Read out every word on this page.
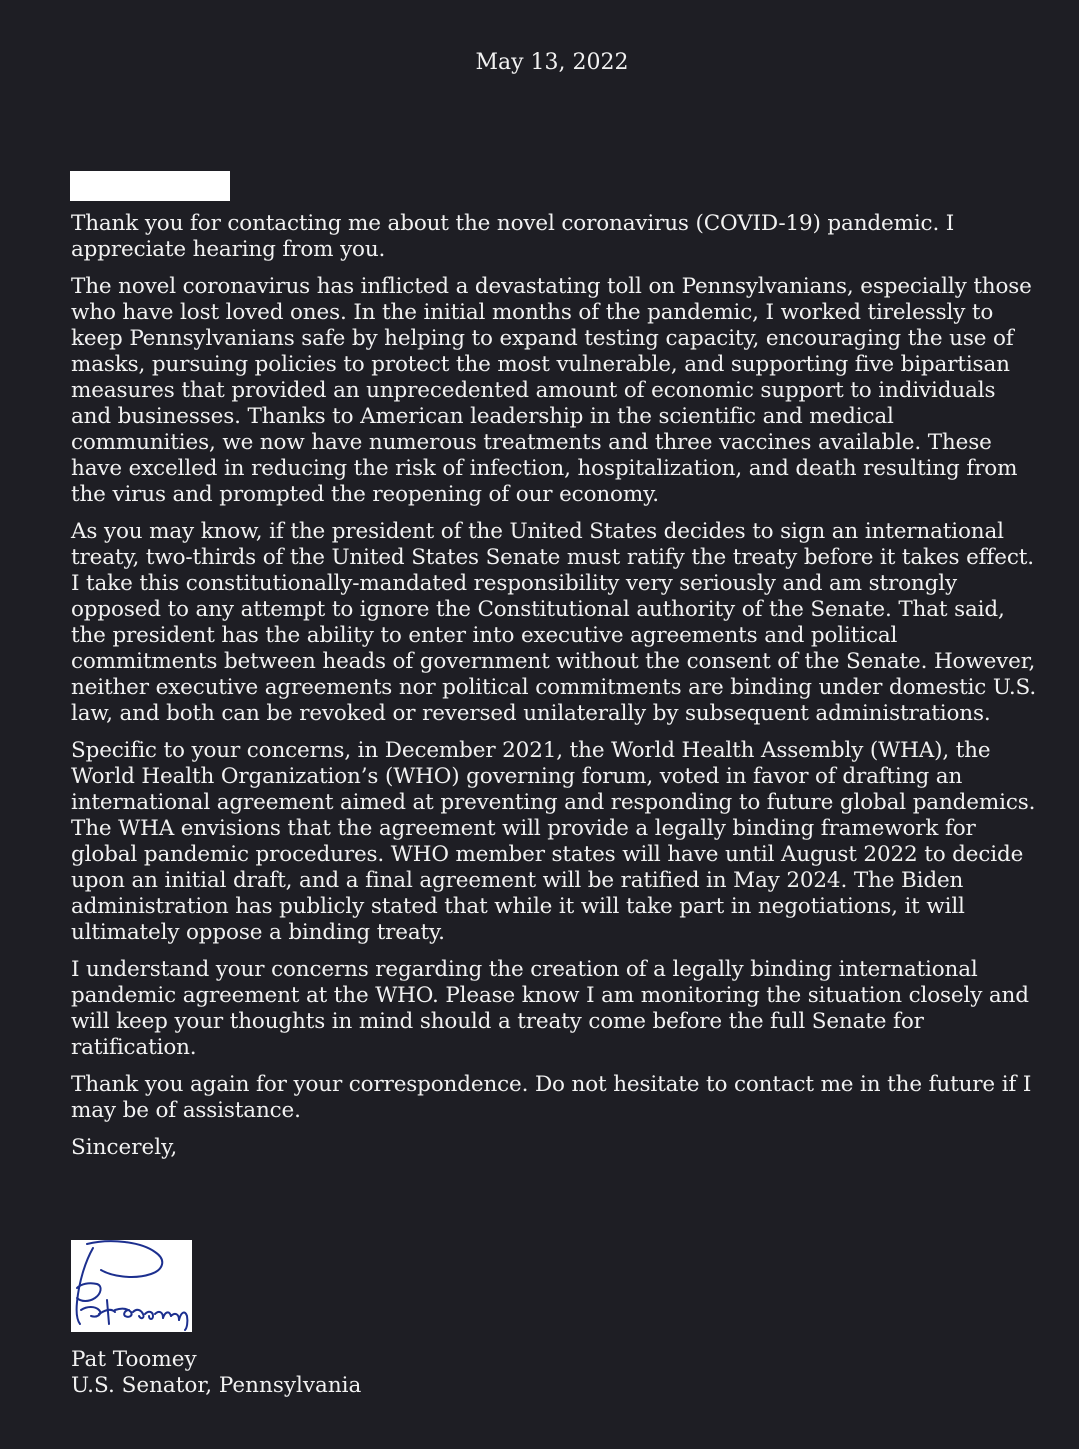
May 13, 2022

Thank you for contacting me about the novel coronavirus (COVID-19) pandemic. I appreciate hearing from you.

The novel coronavirus has inflicted a devastating toll on Pennsylvanians, especially those who have lost loved ones. In the initial months of the pandemic, I worked tirelessly to keep Pennsylvanians safe by helping to expand testing capacity, encouraging the use of masks, pursuing policies to protect the most vulnerable, and supporting five bipartisan measures that provided an unprecedented amount of economic support to individuals and businesses. Thanks to American leadership in the scientific and medical communities, we now have numerous treatments and three vaccines available. These have excelled in reducing the risk of infection, hospitalization, and death resulting from the virus and prompted the reopening of our economy.

As you may know, if the president of the United States decides to sign an international treaty, two-thirds of the United States Senate must ratify the treaty before it takes effect. I take this constitutionally-mandated responsibility very seriously and am strongly opposed to any attempt to ignore the Constitutional authority of the Senate. That said, the president has the ability to enter into executive agreements and political commitments between heads of government without the consent of the Senate. However, neither executive agreements nor political commitments are binding under domestic U.S. law, and both can be revoked or reversed unilaterally by subsequent administrations.

Specific to your concerns, in December 2021, the World Health Assembly (WHA), the World Health Organization’s (WHO) governing forum, voted in favor of drafting an international agreement aimed at preventing and responding to future global pandemics. The WHA envisions that the agreement will provide a legally binding framework for global pandemic procedures. WHO member states will have until August 2022 to decide upon an initial draft, and a final agreement will be ratified in May 2024. The Biden administration has publicly stated that while it will take part in negotiations, it will ultimately oppose a binding treaty.

I understand your concerns regarding the creation of a legally binding international pandemic agreement at the WHO. Please know I am monitoring the situation closely and will keep your thoughts in mind should a treaty come before the full Senate for ratification.

Thank you again for your correspondence. Do not hesitate to contact me in the future if I may be of assistance.

Sincerely,

Pat Toomey
U.S. Senator, Pennsylvania
